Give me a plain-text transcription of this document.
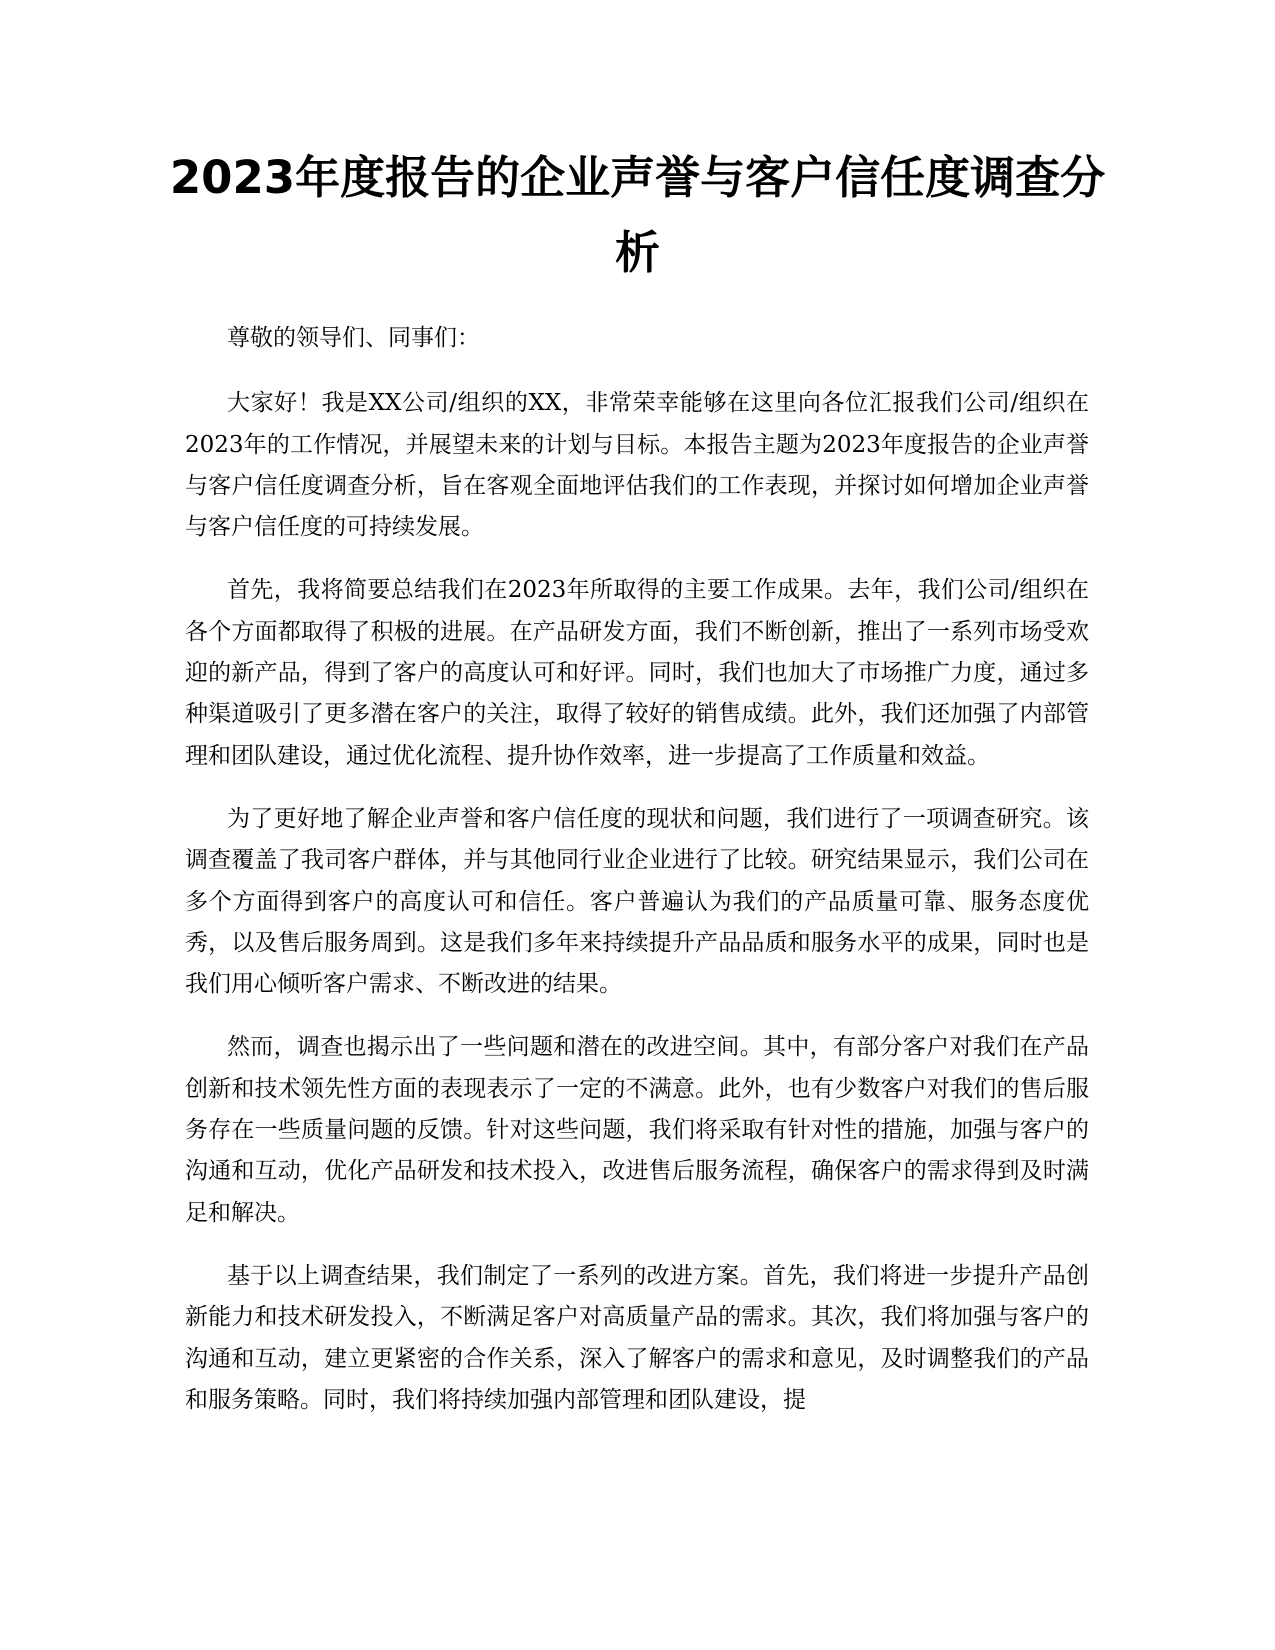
2023年度报告的企业声誉与客户信任度调查分析

尊敬的领导们、同事们：

大家好！我是XX公司/组织的XX，非常荣幸能够在这里向各位汇报我们公司/组织在2023年的工作情况，并展望未来的计划与目标。本报告主题为2023年度报告的企业声誉与客户信任度调查分析，旨在客观全面地评估我们的工作表现，并探讨如何增加企业声誉与客户信任度的可持续发展。

首先，我将简要总结我们在2023年所取得的主要工作成果。去年，我们公司/组织在各个方面都取得了积极的进展。在产品研发方面，我们不断创新，推出了一系列市场受欢迎的新产品，得到了客户的高度认可和好评。同时，我们也加大了市场推广力度，通过多种渠道吸引了更多潜在客户的关注，取得了较好的销售成绩。此外，我们还加强了内部管理和团队建设，通过优化流程、提升协作效率，进一步提高了工作质量和效益。

为了更好地了解企业声誉和客户信任度的现状和问题，我们进行了一项调查研究。该调查覆盖了我司客户群体，并与其他同行业企业进行了比较。研究结果显示，我们公司在多个方面得到客户的高度认可和信任。客户普遍认为我们的产品质量可靠、服务态度优秀，以及售后服务周到。这是我们多年来持续提升产品品质和服务水平的成果，同时也是我们用心倾听客户需求、不断改进的结果。

然而，调查也揭示出了一些问题和潜在的改进空间。其中，有部分客户对我们在产品创新和技术领先性方面的表现表示了一定的不满意。此外，也有少数客户对我们的售后服务存在一些质量问题的反馈。针对这些问题，我们将采取有针对性的措施，加强与客户的沟通和互动，优化产品研发和技术投入，改进售后服务流程，确保客户的需求得到及时满足和解决。

基于以上调查结果，我们制定了一系列的改进方案。首先，我们将进一步提升产品创新能力和技术研发投入，不断满足客户对高质量产品的需求。其次，我们将加强与客户的沟通和互动，建立更紧密的合作关系，深入了解客户的需求和意见，及时调整我们的产品和服务策略。同时，我们将持续加强内部管理和团队建设，提
